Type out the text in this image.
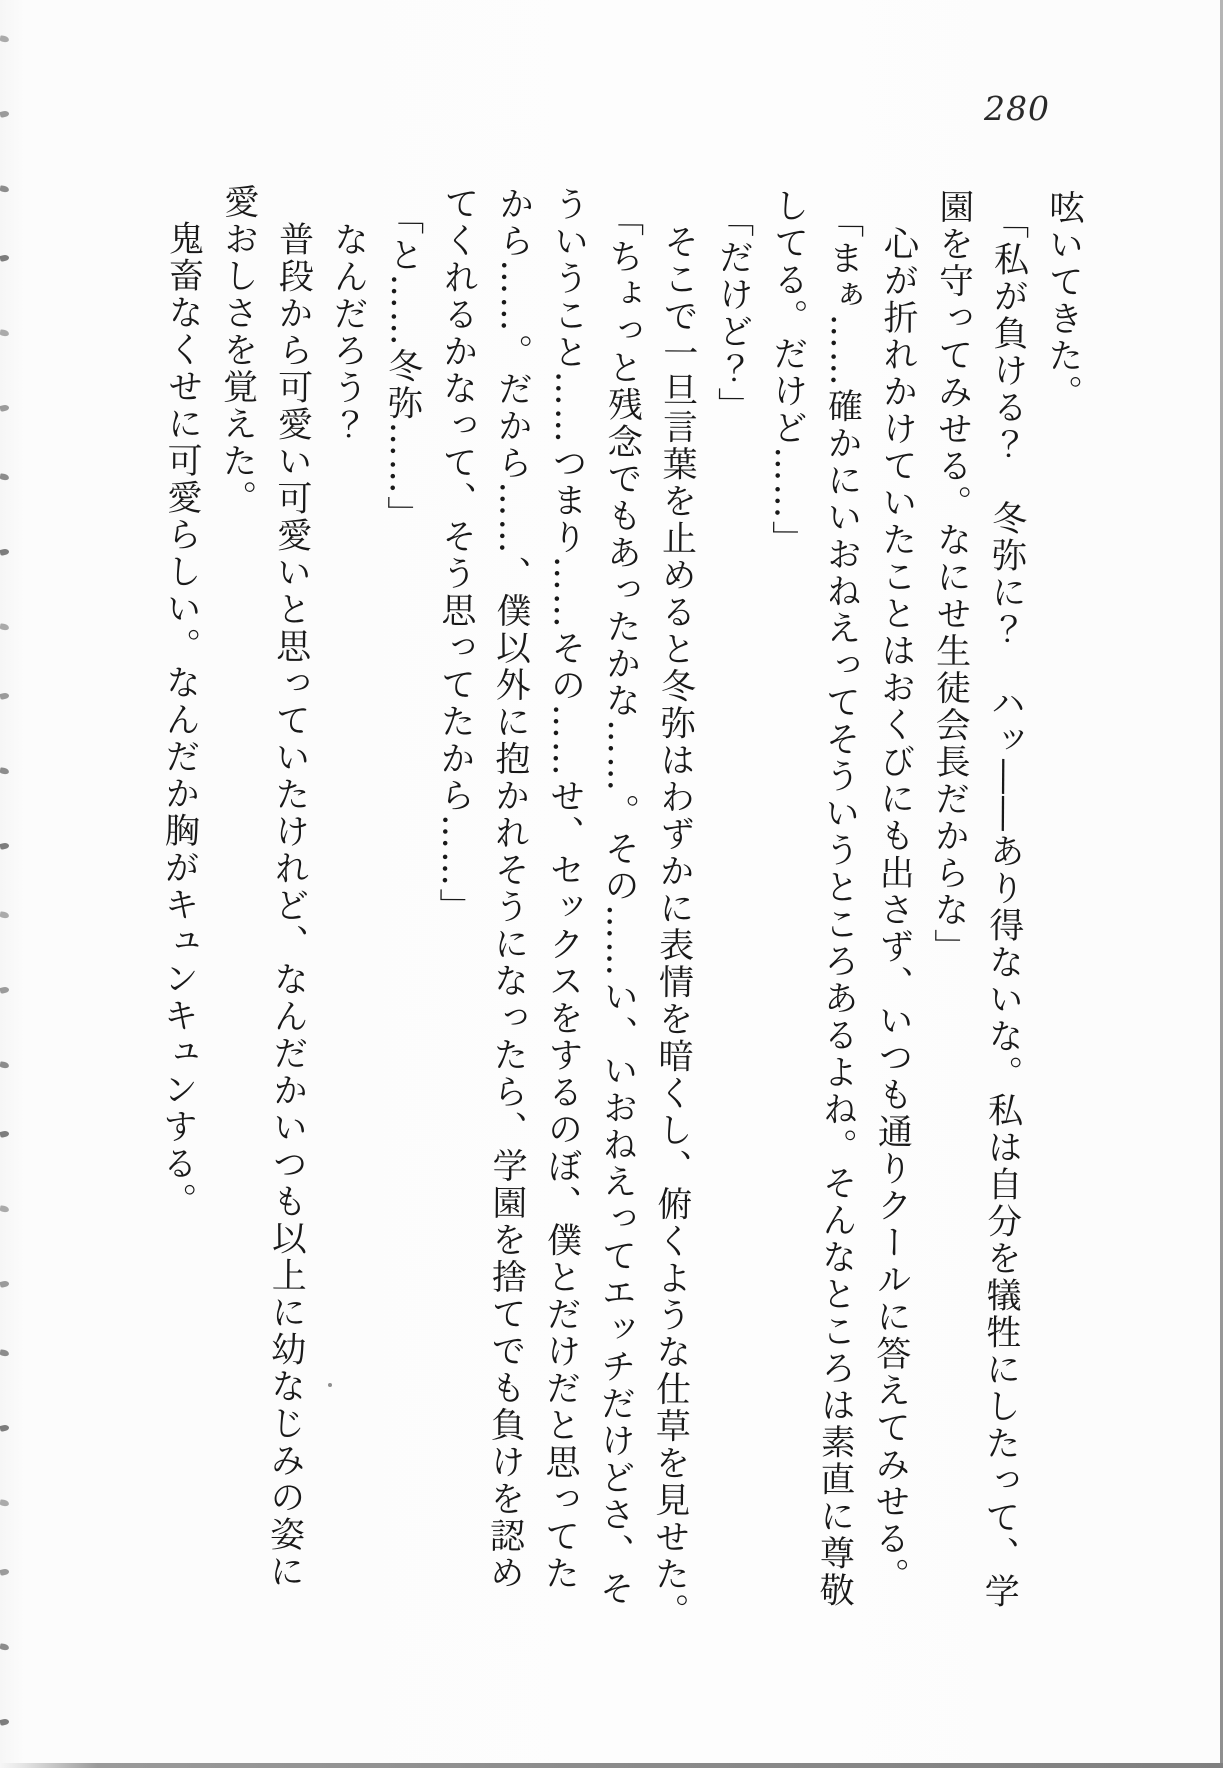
280
呟いてきた。
「私が負ける？　冬弥に？　ハッ――あり得ないな。私は自分を犠牲にしたって、学
園を守ってみせる。なにせ生徒会長だからな」
心が折れかけていたことはおくびにも出さず、いつも通りクールに答えてみせる。
「まぁ……確かにいおねえってそういうところあるよね。そんなところは素直に尊敬
してる。だけど……」
「だけど？」
そこで一旦言葉を止めると冬弥はわずかに表情を暗くし、俯くような仕草を見せた。
「ちょっと残念でもあったかな……。その……い、いおねえってエッチだけどさ、そ
ういうこと……つまり……その……せ、セックスをするのぼ、僕とだけだと思ってた
から……。だから……、僕以外に抱かれそうになったら、学園を捨てでも負けを認め
てくれるかなって、そう思ってたから……」
「と……冬弥……」
なんだろう？
普段から可愛い可愛いと思っていたけれど、なんだかいつも以上に幼なじみの姿に
愛おしさを覚えた。
鬼畜なくせに可愛らしい。なんだか胸がキュンキュンする。
